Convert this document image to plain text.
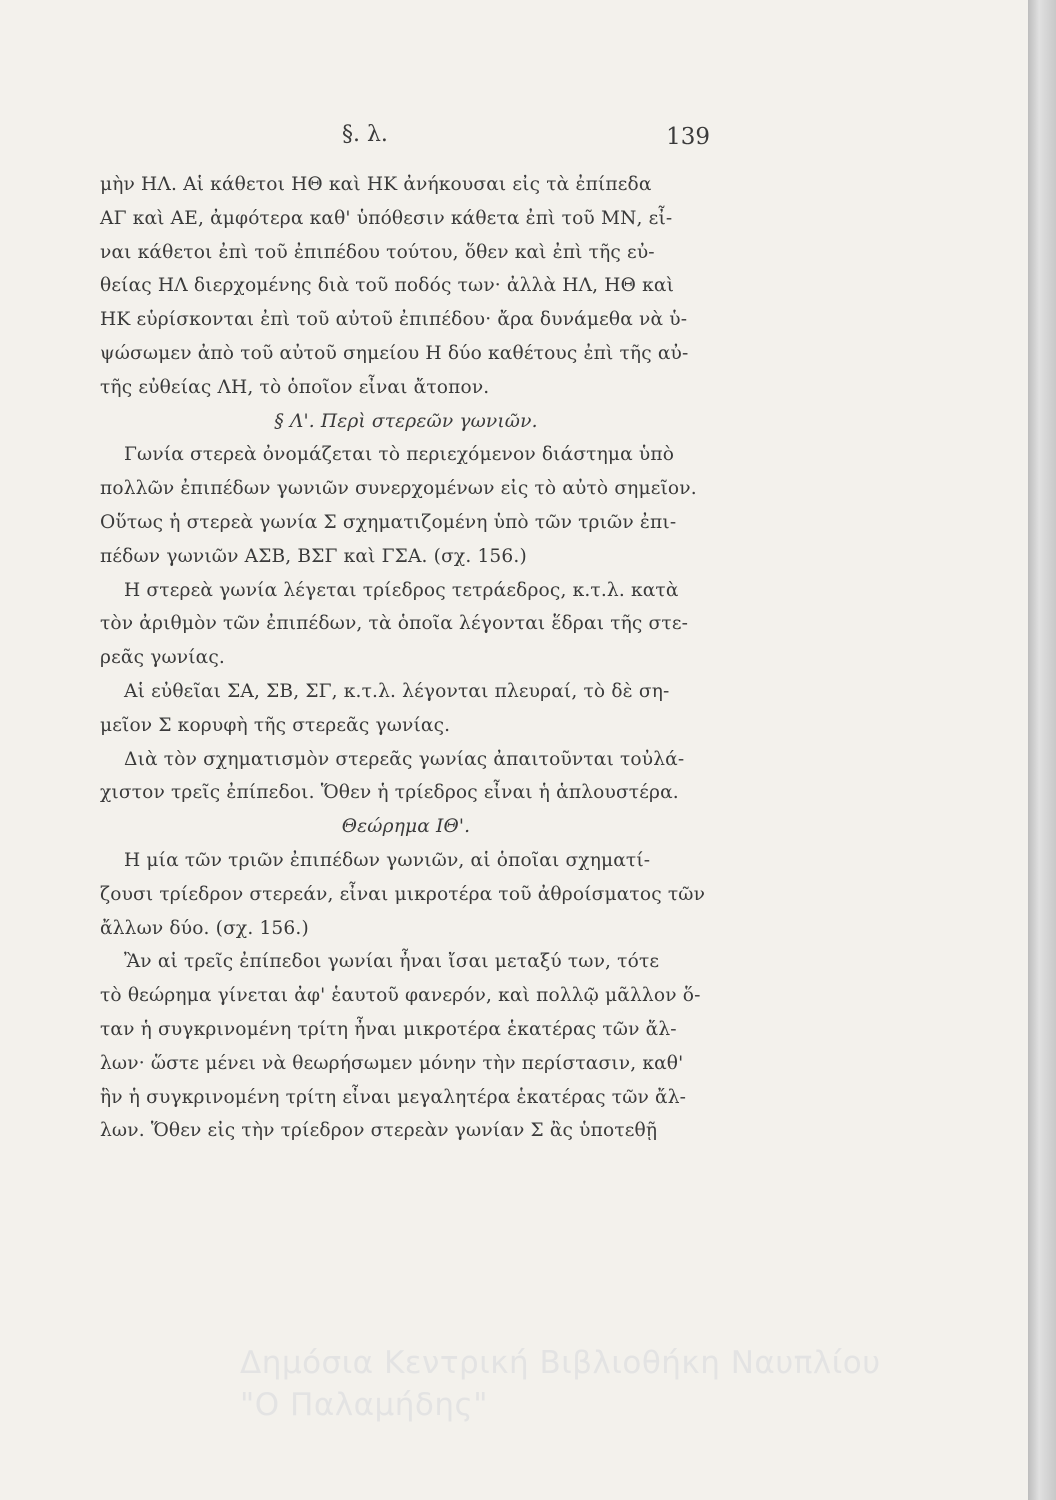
§. λ.	139
μὴν ΗΛ. Αἱ κάθετοι ΗΘ καὶ ΗΚ ἀνήκουσαι εἰς τὰ ἐπίπεδα
ΑΓ καὶ ΑΕ, ἀμφότερα καθ' ὑπόθεσιν κάθετα ἐπὶ τοῦ ΜΝ, εἶ-
ναι κάθετοι ἐπὶ τοῦ ἐπιπέδου τούτου, ὅθεν καὶ ἐπὶ τῆς εὐ-
θείας ΗΛ διερχομένης διὰ τοῦ ποδός των· ἀλλὰ ΗΛ, ΗΘ καὶ
ΗΚ εὑρίσκονται ἐπὶ τοῦ αὐτοῦ ἐπιπέδου· ἄρα δυνάμεθα νὰ ὑ-
ψώσωμεν ἀπὸ τοῦ αὐτοῦ σημείου Η δύο καθέτους ἐπὶ τῆς αὐ-
τῆς εὐθείας ΛΗ, τὸ ὁποῖον εἶναι ἄτοπον.
§ Λ'. Περὶ στερεῶν γωνιῶν.
Γωνία στερεὰ ὀνομάζεται τὸ περιεχόμενον διάστημα ὑπὸ
πολλῶν ἐπιπέδων γωνιῶν συνερχομένων εἰς τὸ αὐτὸ σημεῖον.
Οὕτως ἡ στερεὰ γωνία Σ σχηματιζομένη ὑπὸ τῶν τριῶν ἐπι-
πέδων γωνιῶν ΑΣΒ, ΒΣΓ καὶ ΓΣΑ. (σχ. 156.)
Η στερεὰ γωνία λέγεται τρίεδρος τετράεδρος, κ.τ.λ. κατὰ
τὸν ἀριθμὸν τῶν ἐπιπέδων, τὰ ὁποῖα λέγονται ἕδραι τῆς στε-
ρεᾶς γωνίας.
Αἱ εὐθεῖαι ΣΑ, ΣΒ, ΣΓ, κ.τ.λ. λέγονται πλευραί, τὸ δὲ ση-
μεῖον Σ κορυφὴ τῆς στερεᾶς γωνίας.
Διὰ τὸν σχηματισμὸν στερεᾶς γωνίας ἀπαιτοῦνται τοὐλά-
χιστον τρεῖς ἐπίπεδοι. Ὅθεν ἡ τρίεδρος εἶναι ἡ ἁπλουστέρα.
Θεώρημα ΙΘ'.
Η μία τῶν τριῶν ἐπιπέδων γωνιῶν, αἱ ὁποῖαι σχηματί-
ζουσι τρίεδρον στερεάν, εἶναι μικροτέρα τοῦ ἀθροίσματος τῶν
ἄλλων δύο. (σχ. 156.)
Ἂν αἱ τρεῖς ἐπίπεδοι γωνίαι ἦναι ἴσαι μεταξύ των, τότε
τὸ θεώρημα γίνεται ἀφ' ἑαυτοῦ φανερόν, καὶ πολλῷ μᾶλλον ὅ-
ταν ἡ συγκρινομένη τρίτη ἦναι μικροτέρα ἑκατέρας τῶν ἄλ-
λων· ὥστε μένει νὰ θεωρήσωμεν μόνην τὴν περίστασιν, καθ'
ἣν ἡ συγκρινομένη τρίτη εἶναι μεγαλητέρα ἑκατέρας τῶν ἄλ-
λων. Ὅθεν εἰς τὴν τρίεδρον στερεὰν γωνίαν Σ ἂς ὑποτεθῇ
Δημόσια Κεντρική Βιβλιοθήκη Ναυπλίου
"Ο Παλαμήδης"
